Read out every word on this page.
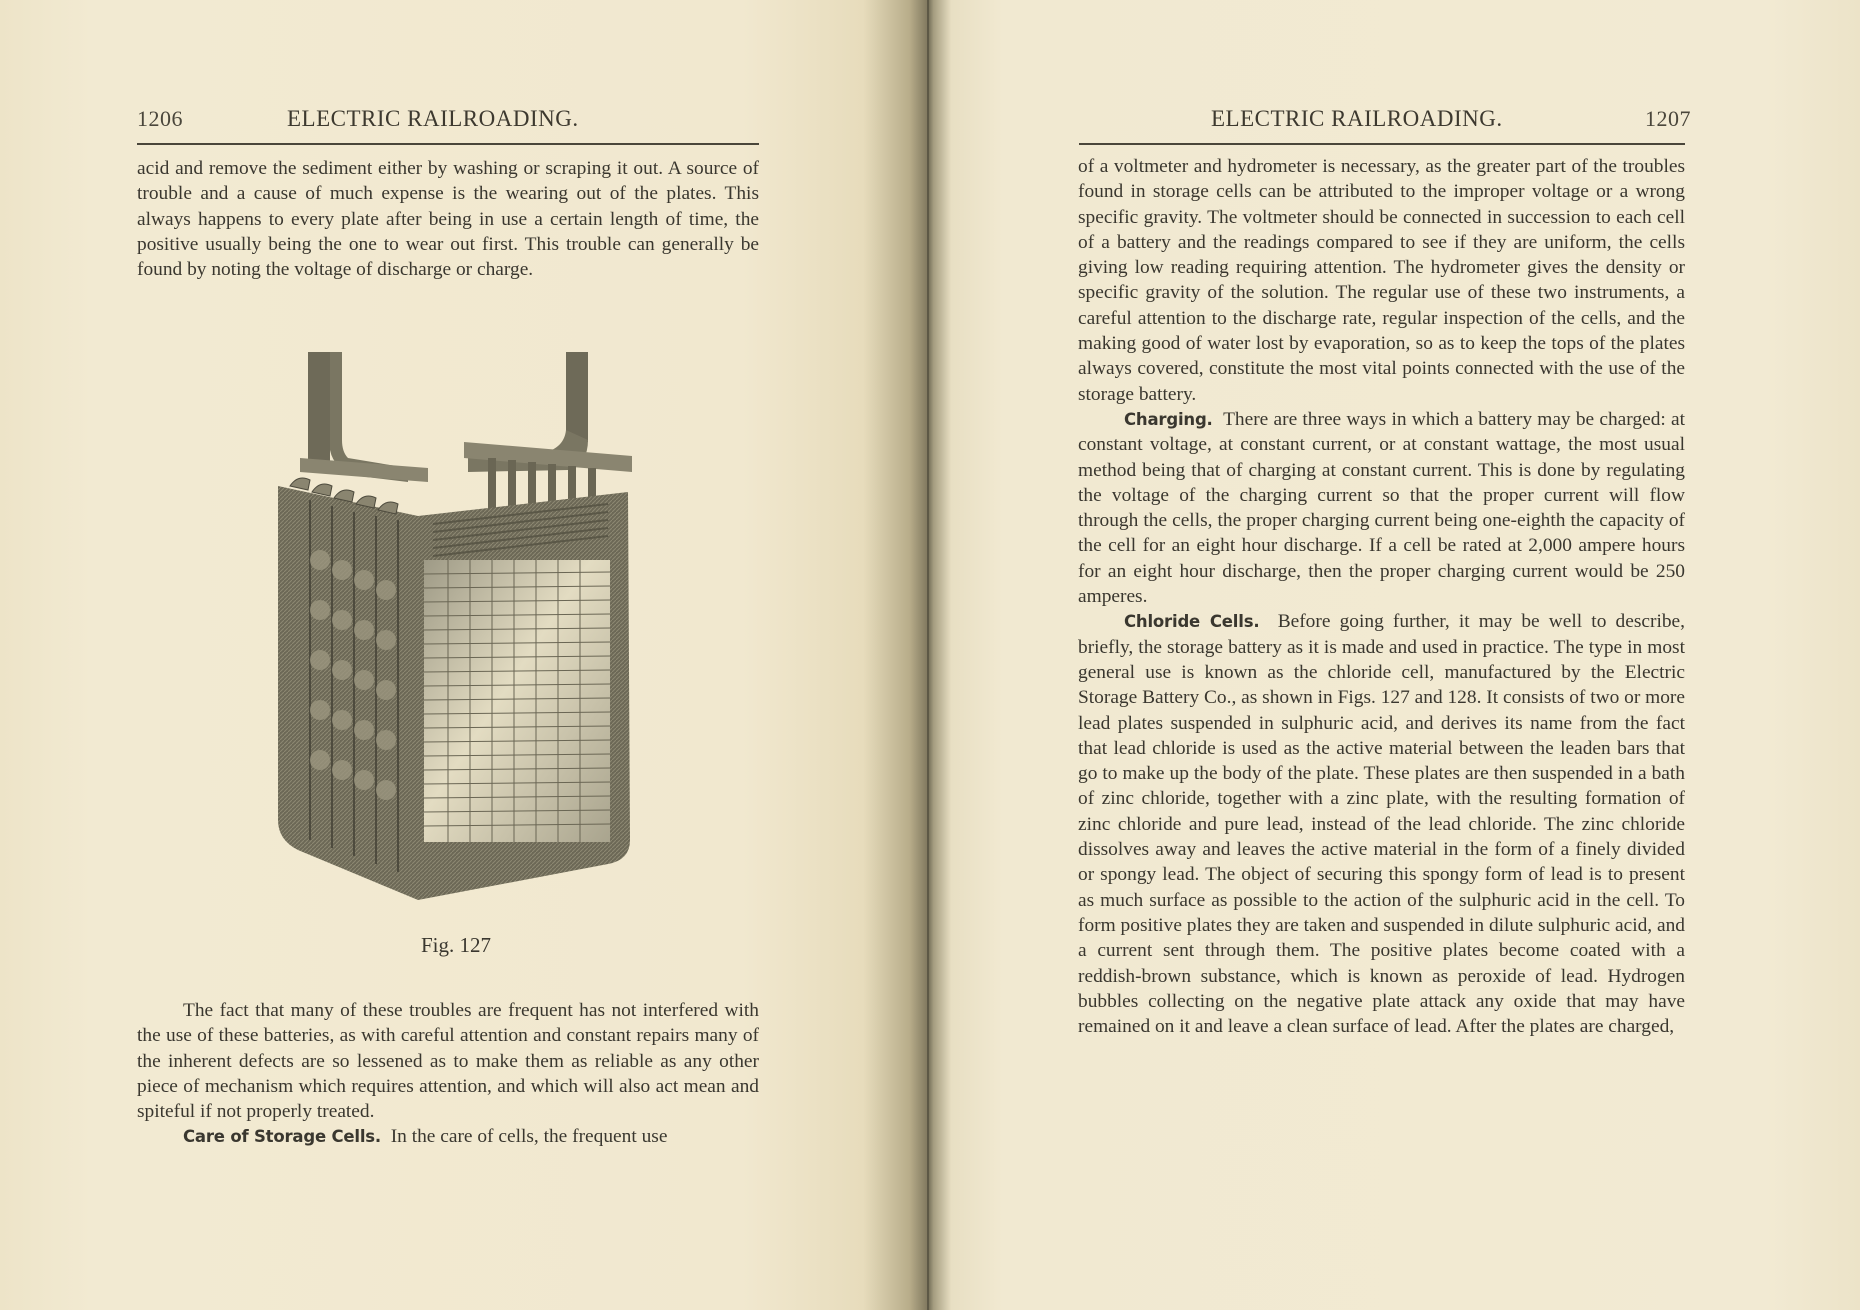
1206	ELECTRIC RAILROADING.

acid and remove the sediment either by washing or scraping it out. A source of trouble and a cause of much expense is the wearing out of the plates. This always happens to every plate after being in use a certain length of time, the positive usually being the one to wear out first. This trouble can generally be found by noting the voltage of discharge or charge.

Fig. 127

The fact that many of these troubles are frequent has not interfered with the use of these batteries, as with careful attention and constant repairs many of the inherent defects are so lessened as to make them as reliable as any other piece of mechanism which requires attention, and which will also act mean and spiteful if not properly treated.

Care of Storage Cells. In the care of cells, the frequent use

ELECTRIC RAILROADING.	1207

of a voltmeter and hydrometer is necessary, as the greater part of the troubles found in storage cells can be attributed to the improper voltage or a wrong specific gravity. The voltmeter should be connected in succession to each cell of a battery and the readings compared to see if they are uniform, the cells giving low reading requiring attention. The hydrometer gives the density or specific gravity of the solution. The regular use of these two instruments, a careful attention to the discharge rate, regular inspection of the cells, and the making good of water lost by evaporation, so as to keep the tops of the plates always covered, constitute the most vital points connected with the use of the storage battery.

Charging. There are three ways in which a battery may be charged: at constant voltage, at constant current, or at constant wattage, the most usual method being that of charging at constant current. This is done by regulating the voltage of the charging current so that the proper current will flow through the cells, the proper charging current being one-eighth the capacity of the cell for an eight hour discharge. If a cell be rated at 2,000 ampere hours for an eight hour discharge, then the proper charging current would be 250 amperes.

Chloride Cells. Before going further, it may be well to describe, briefly, the storage battery as it is made and used in practice. The type in most general use is known as the chloride cell, manufactured by the Electric Storage Battery Co., as shown in Figs. 127 and 128. It consists of two or more lead plates suspended in sulphuric acid, and derives its name from the fact that lead chloride is used as the active material between the leaden bars that go to make up the body of the plate. These plates are then suspended in a bath of zinc chloride, together with a zinc plate, with the resulting formation of zinc chloride and pure lead, instead of the lead chloride. The zinc chloride dissolves away and leaves the active material in the form of a finely divided or spongy lead. The object of securing this spongy form of lead is to present as much surface as possible to the action of the sulphuric acid in the cell. To form positive plates they are taken and suspended in dilute sulphuric acid, and a current sent through them. The positive plates become coated with a reddish-brown substance, which is known as peroxide of lead. Hydrogen bubbles collecting on the negative plate attack any oxide that may have remained on it and leave a clean surface of lead. After the plates are charged,
